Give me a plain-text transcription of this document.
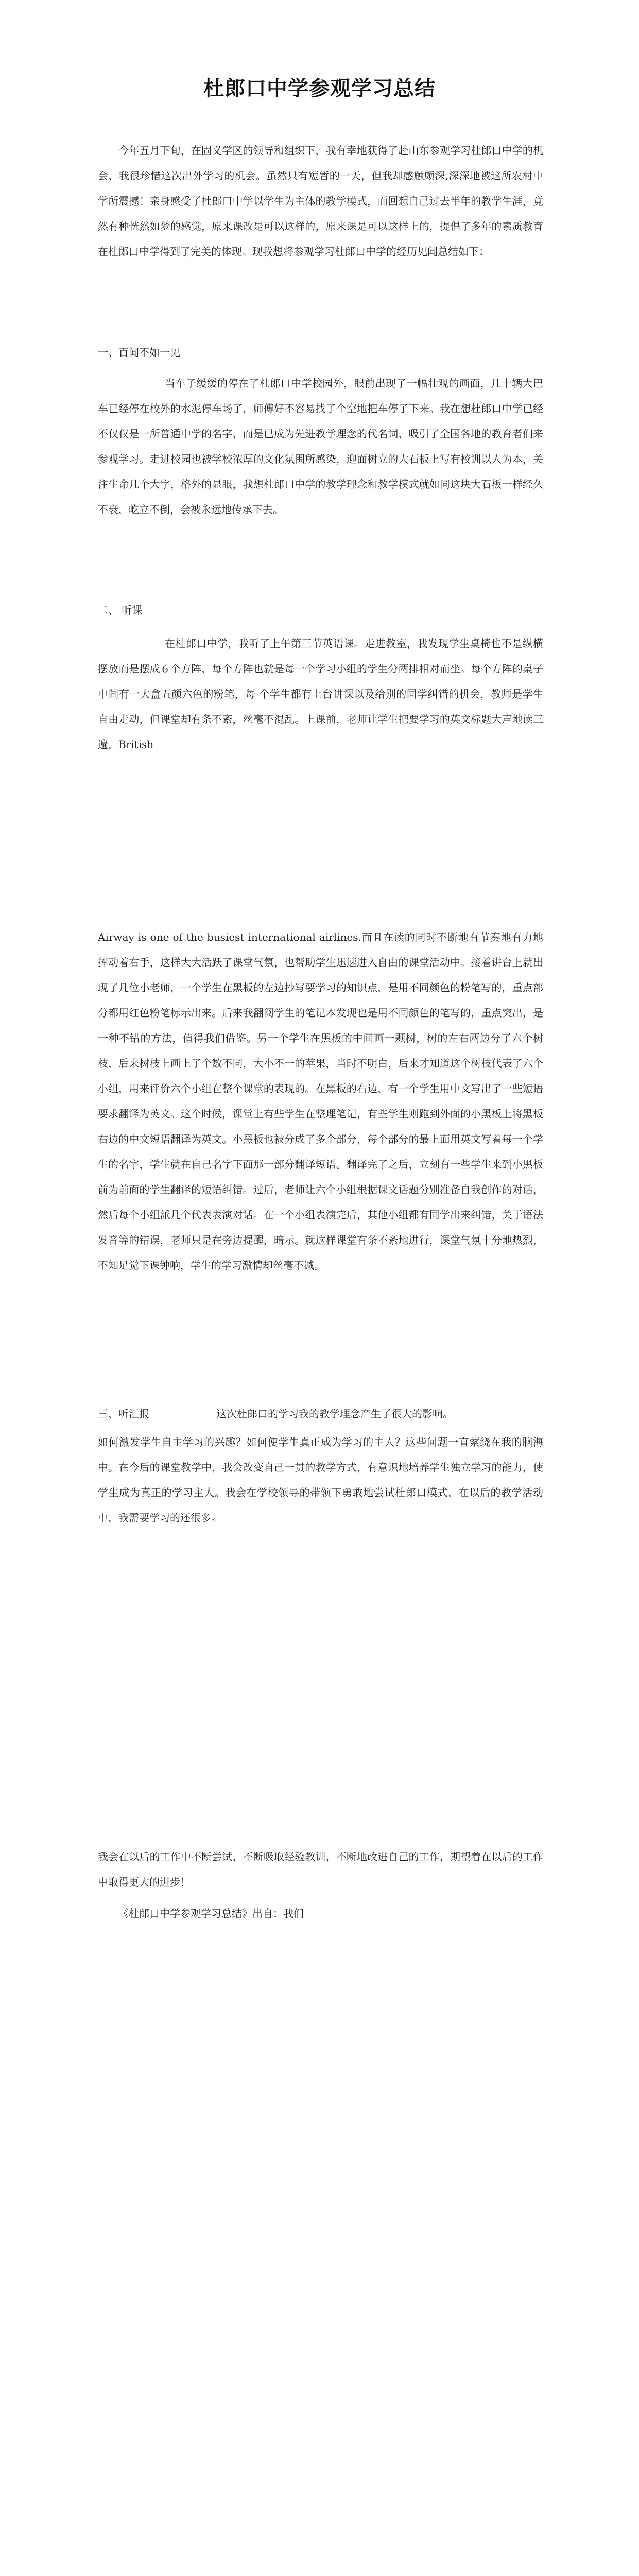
杜郎口中学参观学习总结

今年五月下旬，在固义学区的领导和组织下，我有幸地获得了赴山东参观学习杜郎口中学的机会，我很珍惜这次出外学习的机会。虽然只有短暂的一天，但我却感触颇深,深深地被这所农村中学所震撼！亲身感受了杜郎口中学以学生为主体的教学模式，而回想自己过去半年的教学生涯，竟然有种恍然如梦的感觉，原来课改是可以这样的，原来课是可以这样上的，提倡了多年的素质教育在杜郎口中学得到了完美的体现。现我想将参观学习杜郎口中学的经历见闻总结如下：

一、百闻不如一见

当车子缓缓的停在了杜郎口中学校园外，眼前出现了一幅壮观的画面，几十辆大巴车已经停在校外的水泥停车场了，师傅好不容易找了个空地把车停了下来。我在想杜郎口中学已经不仅仅是一所普通中学的名字，而是已成为先进教学理念的代名词，吸引了全国各地的教育者们来参观学习。走进校园也被学校浓厚的文化氛围所感染，迎面树立的大石板上写有校训以人为本，关注生命几个大字，格外的显眼，我想杜郎口中学的教学理念和教学模式就如同这块大石板一样经久不衰，屹立不倒，会被永远地传承下去。

二、 听课

在杜郎口中学，我听了上午第三节英语课。走进教室，我发现学生桌椅也不是纵横摆放而是摆成６个方阵，每个方阵也就是每一个学习小组的学生分两排相对而坐。每个方阵的桌子中间有一大盒五颜六色的粉笔，每 个学生都有上台讲课以及给别的同学纠错的机会，教师是学生自由走动，但课堂却有条不紊，丝毫不混乱。上课前，老师让学生把要学习的英文标题大声地读三遍，British

Airway is one of the busiest international airlines.而且在读的同时不断地有节奏地有力地挥动着右手，这样大大活跃了课堂气氛，也帮助学生迅速进入自由的课堂活动中。接着讲台上就出现了几位小老师，一个学生在黑板的左边抄写要学习的知识点，是用不同颜色的粉笔写的，重点部分都用红色粉笔标示出来。后来我翻阅学生的笔记本发现也是用不同颜色的笔写的，重点突出，是一种不错的方法，值得我们借鉴。另一个学生在黑板的中间画一颗树，树的左右两边分了六个树枝，后来树枝上画上了个数不同，大小不一的苹果，当时不明白，后来才知道这个树枝代表了六个小组，用来评价六个小组在整个课堂的表现的。在黑板的右边，有一个学生用中文写出了一些短语要求翻译为英文。这个时候，课堂上有些学生在整理笔记，有些学生则跑到外面的小黑板上将黑板右边的中文短语翻译为英文。小黑板也被分成了多个部分，每个部分的最上面用英文写着每一个学生的名字，学生就在自己名字下面那一部分翻译短语。翻译完了之后，立刻有一些学生来到小黑板前为前面的学生翻译的短语纠错。过后，老师让六个小组根据课文话题分别准备自我创作的对话，然后每个小组派几个代表表演对话。在一个小组表演完后，其他小组都有同学出来纠错，关于语法发音等的错误，老师只是在旁边提醒，暗示。就这样课堂有条不紊地进行，课堂气氛十分地热烈，不知足觉下课钟响，学生的学习激情却丝毫不减。

三、听汇报	这次杜郎口的学习我的教学理念产生了很大的影响。

如何激发学生自主学习的兴趣？如何使学生真正成为学习的主人？这些问题一直萦绕在我的脑海中。在今后的课堂教学中，我会改变自己一贯的教学方式，有意识地培养学生独立学习的能力，使学生成为真正的学习主人。我会在学校领导的带领下勇敢地尝试杜郎口模式，在以后的教学活动中，我需要学习的还很多。

我会在以后的工作中不断尝试，不断吸取经验教训，不断地改进自己的工作，期望着在以后的工作中取得更大的进步！

《杜郎口中学参观学习总结》出自：我们
